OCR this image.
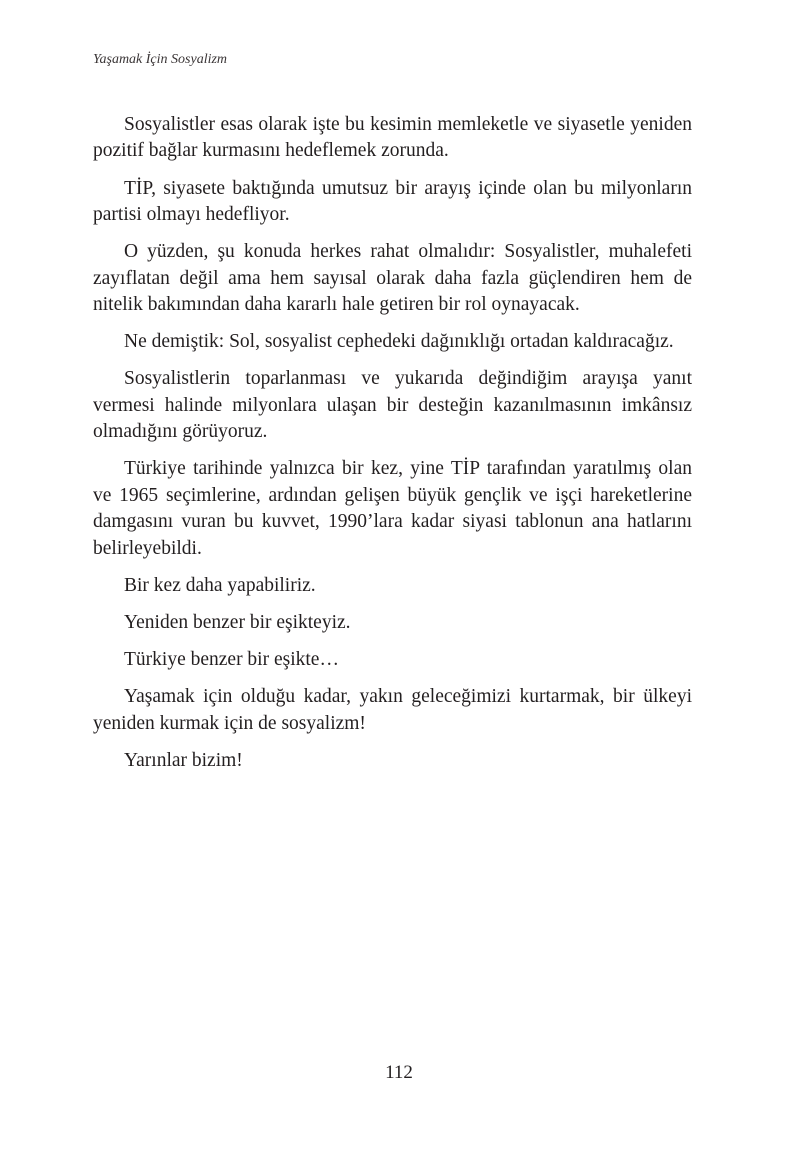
Yaşamak İçin Sosyalizm

Sosyalistler esas olarak işte bu kesimin memleketle ve siyasetle yeniden pozitif bağlar kurmasını hedeflemek zorunda.

TİP, siyasete baktığında umutsuz bir arayış içinde olan bu milyonların partisi olmayı hedefliyor.

O yüzden, şu konuda herkes rahat olmalıdır: Sosyalistler, muhalefeti zayıflatan değil ama hem sayısal olarak daha fazla güçlendiren hem de nitelik bakımından daha kararlı hale getiren bir rol oynayacak.

Ne demiştik: Sol, sosyalist cephedeki dağınıklığı ortadan kaldıracağız.

Sosyalistlerin toparlanması ve yukarıda değindiğim arayışa yanıt vermesi halinde milyonlara ulaşan bir desteğin kazanılmasının imkânsız olmadığını görüyoruz.

Türkiye tarihinde yalnızca bir kez, yine TİP tarafından yaratılmış olan ve 1965 seçimlerine, ardından gelişen büyük gençlik ve işçi hareketlerine damgasını vuran bu kuvvet, 1990’lara kadar siyasi tablonun ana hatlarını belirleyebildi.

Bir kez daha yapabiliriz.

Yeniden benzer bir eşikteyiz.

Türkiye benzer bir eşikte…

Yaşamak için olduğu kadar, yakın geleceğimizi kurtarmak, bir ülkeyi yeniden kurmak için de sosyalizm!

Yarınlar bizim!

112
